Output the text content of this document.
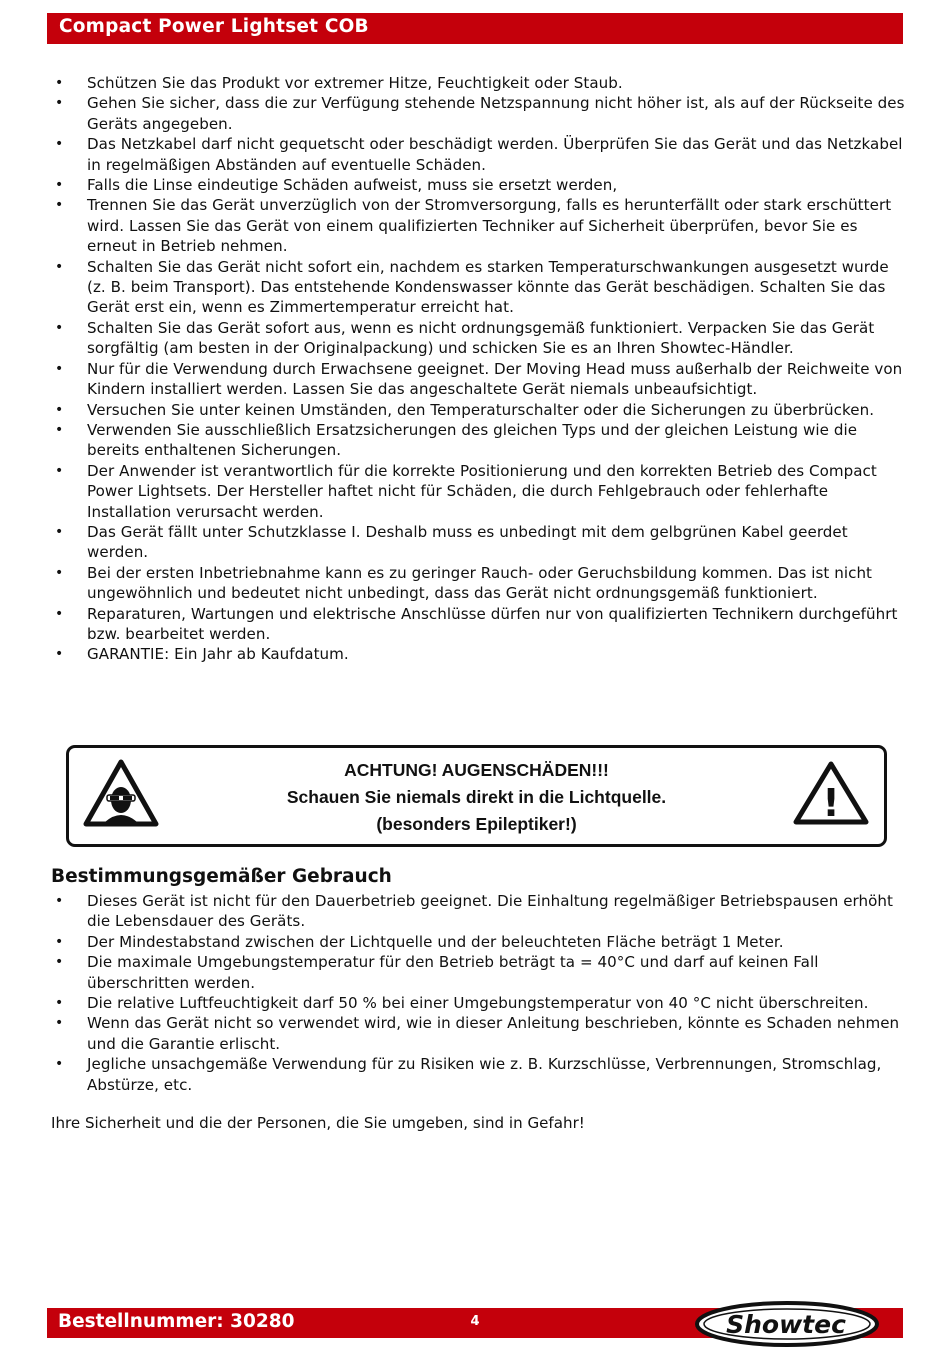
Compact Power Lightset COB
• Schützen Sie das Produkt vor extremer Hitze, Feuchtigkeit oder Staub.
• Gehen Sie sicher, dass die zur Verfügung stehende Netzspannung nicht höher ist, als auf der Rückseite des Geräts angegeben.
• Das Netzkabel darf nicht gequetscht oder beschädigt werden. Überprüfen Sie das Gerät und das Netzkabel in regelmäßigen Abständen auf eventuelle Schäden.
• Falls die Linse eindeutige Schäden aufweist, muss sie ersetzt werden,
• Trennen Sie das Gerät unverzüglich von der Stromversorgung, falls es herunterfällt oder stark erschüttert wird. Lassen Sie das Gerät von einem qualifizierten Techniker auf Sicherheit überprüfen, bevor Sie es erneut in Betrieb nehmen.
• Schalten Sie das Gerät nicht sofort ein, nachdem es starken Temperaturschwankungen ausgesetzt wurde (z. B. beim Transport). Das entstehende Kondenswasser könnte das Gerät beschädigen. Schalten Sie das Gerät erst ein, wenn es Zimmertemperatur erreicht hat.
• Schalten Sie das Gerät sofort aus, wenn es nicht ordnungsgemäß funktioniert. Verpacken Sie das Gerät sorgfältig (am besten in der Originalpackung) und schicken Sie es an Ihren Showtec-Händler.
• Nur für die Verwendung durch Erwachsene geeignet. Der Moving Head muss außerhalb der Reichweite von Kindern installiert werden. Lassen Sie das angeschaltete Gerät niemals unbeaufsichtigt.
• Versuchen Sie unter keinen Umständen, den Temperaturschalter oder die Sicherungen zu überbrücken.
• Verwenden Sie ausschließlich Ersatzsicherungen des gleichen Typs und der gleichen Leistung wie die bereits enthaltenen Sicherungen.
• Der Anwender ist verantwortlich für die korrekte Positionierung und den korrekten Betrieb des Compact Power Lightsets. Der Hersteller haftet nicht für Schäden, die durch Fehlgebrauch oder fehlerhafte Installation verursacht werden.
• Das Gerät fällt unter Schutzklasse I. Deshalb muss es unbedingt mit dem gelbgrünen Kabel geerdet werden.
• Bei der ersten Inbetriebnahme kann es zu geringer Rauch- oder Geruchsbildung kommen. Das ist nicht ungewöhnlich und bedeutet nicht unbedingt, dass das Gerät nicht ordnungsgemäß funktioniert.
• Reparaturen, Wartungen und elektrische Anschlüsse dürfen nur von qualifizierten Technikern durchgeführt bzw. bearbeitet werden.
• GARANTIE: Ein Jahr ab Kaufdatum.
ACHTUNG! AUGENSCHÄDEN!!!
Schauen Sie niemals direkt in die Lichtquelle.
(besonders Epileptiker!)	!
Bestimmungsgemäßer Gebrauch
• Dieses Gerät ist nicht für den Dauerbetrieb geeignet. Die Einhaltung regelmäßiger Betriebspausen erhöht die Lebensdauer des Geräts.
• Der Mindestabstand zwischen der Lichtquelle und der beleuchteten Fläche beträgt 1 Meter.
• Die maximale Umgebungstemperatur für den Betrieb beträgt ta = 40°C und darf auf keinen Fall überschritten werden.
• Die relative Luftfeuchtigkeit darf 50 % bei einer Umgebungstemperatur von 40 °C nicht überschreiten.
• Wenn das Gerät nicht so verwendet wird, wie in dieser Anleitung beschrieben, könnte es Schaden nehmen und die Garantie erlischt.
• Jegliche unsachgemäße Verwendung für zu Risiken wie z. B. Kurzschlüsse, Verbrennungen, Stromschlag, Abstürze, etc.
Ihre Sicherheit und die der Personen, die Sie umgeben, sind in Gefahr!
Bestellnummer: 30280	4	Showtec
